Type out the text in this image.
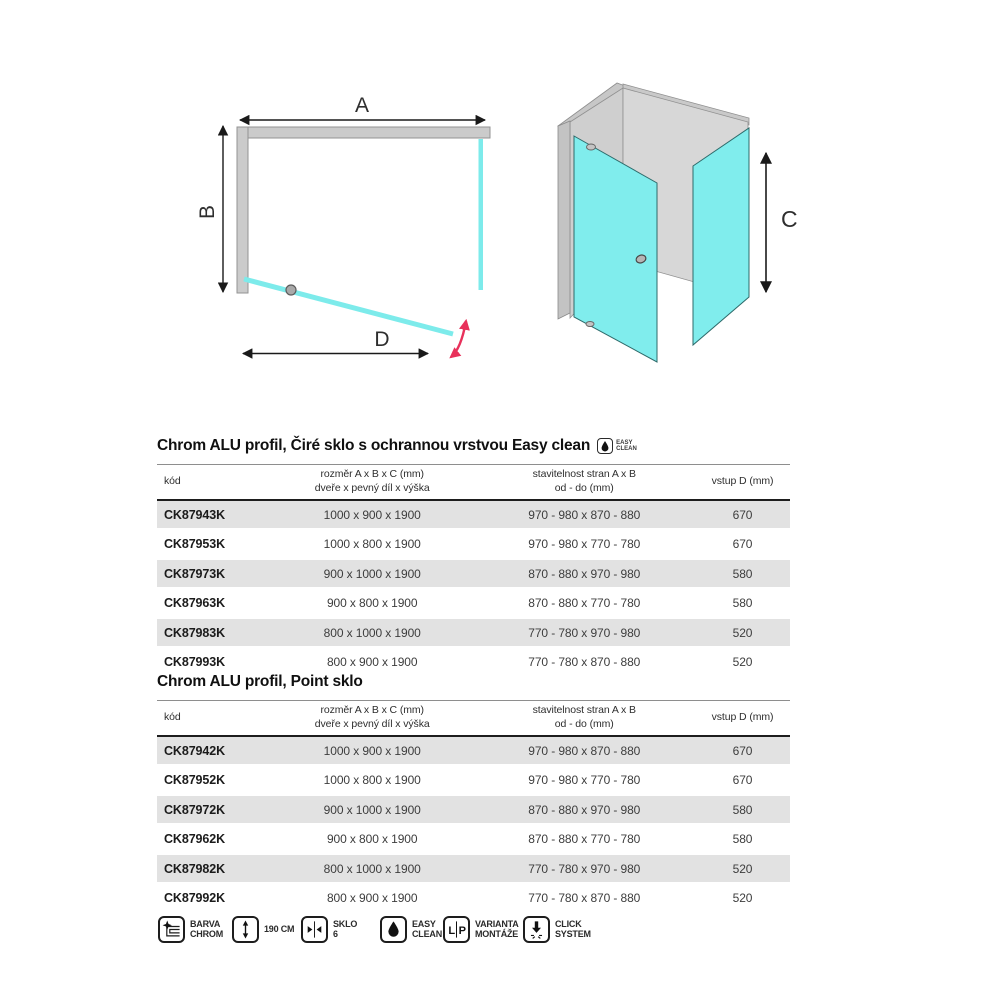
A
B
D
C
Chrom ALU profil, Čiré sklo s ochrannou vrstvou Easy clean	EASY
CLEAN
kód	rozměr A x B x C (mm)
dveře x pevný díl x výška	stavitelnost stran A x B
od - do (mm)	vstup D (mm)
CK87943K	1000 x 900 x 1900	970 - 980 x 870 - 880	670
CK87953K	1000 x 800 x 1900	970 - 980 x 770 - 780	670
CK87973K	900 x 1000 x 1900	870 - 880 x 970 - 980	580
CK87963K	900 x 800 x 1900	870 - 880 x 770 - 780	580
CK87983K	800 x 1000 x 1900	770 - 780 x 970 - 980	520
CK87993K	800 x 900 x 1900	770 - 780 x 870 - 880	520
Chrom ALU profil, Point sklo
kód	rozměr A x B x C (mm)
dveře x pevný díl x výška	stavitelnost stran A x B
od - do (mm)	vstup D (mm)
CK87942K	1000 x 900 x 1900	970 - 980 x 870 - 880	670
CK87952K	1000 x 800 x 1900	970 - 980 x 770 - 780	670
CK87972K	900 x 1000 x 1900	870 - 880 x 970 - 980	580
CK87962K	900 x 800 x 1900	870 - 880 x 770 - 780	580
CK87982K	800 x 1000 x 1900	770 - 780 x 970 - 980	520
CK87992K	800 x 900 x 1900	770 - 780 x 870 - 880	520
BARVA
CHROM	190 CM	SKLO
6
EASY
CLEAN L P
VARIANTA
MONTÁŽE
CLICK
SYSTEM
